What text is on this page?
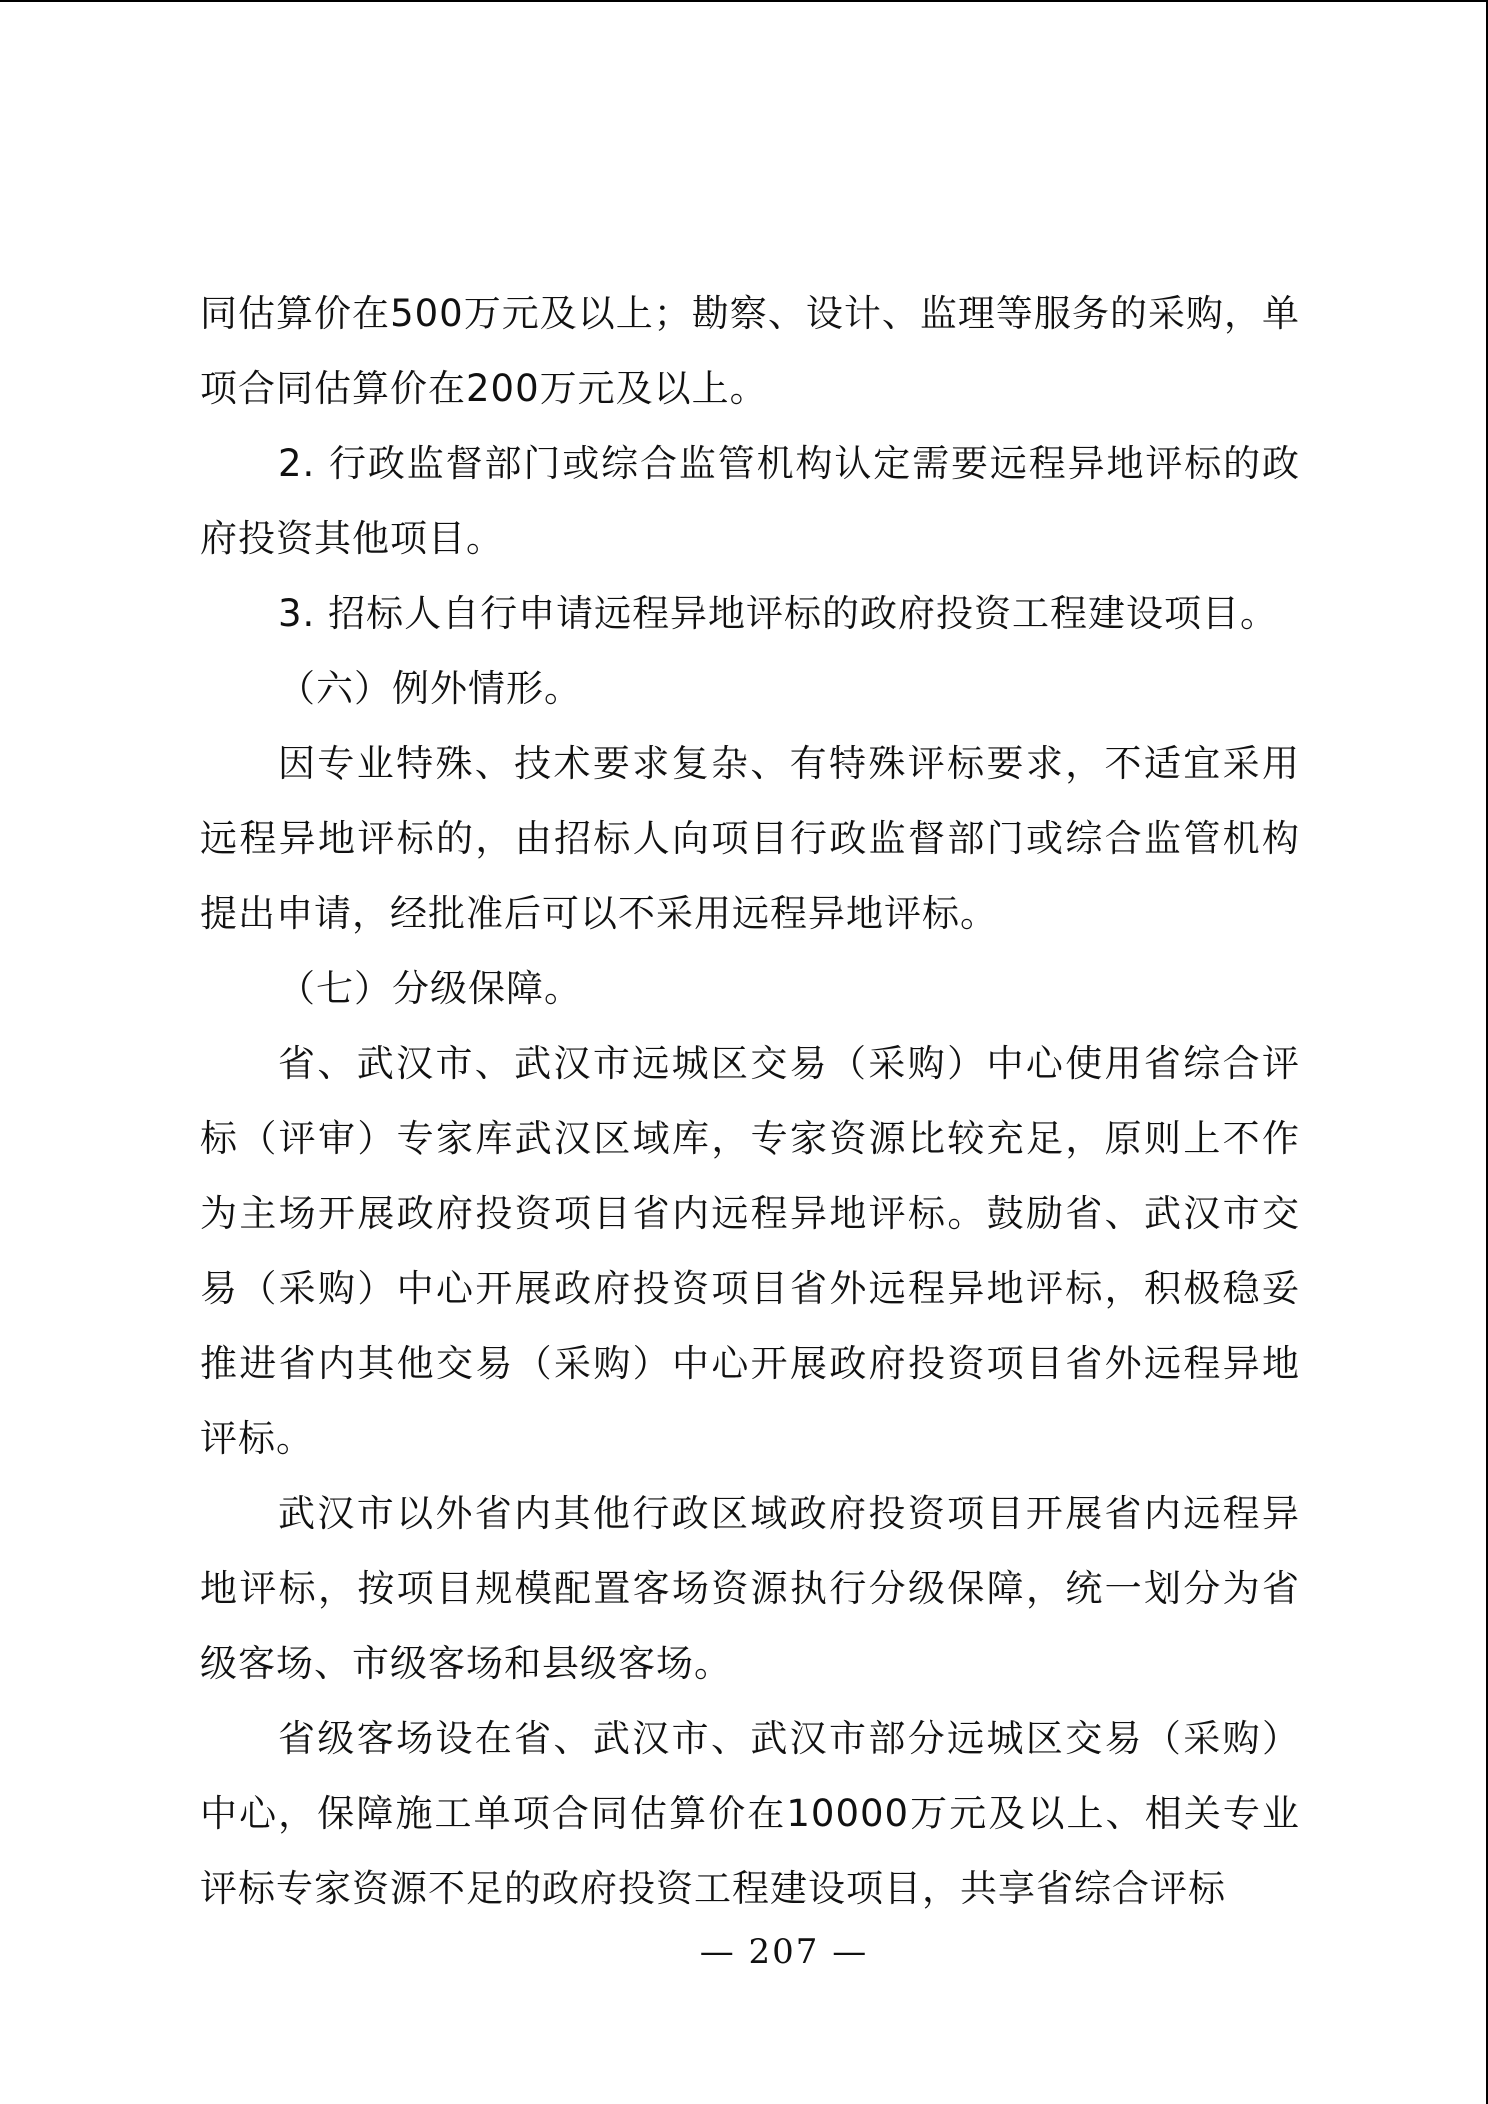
同估算价在500万元及以上；勘察、设计、监理等服务的采购，单项合同估算价在200万元及以上。

2. 行政监督部门或综合监管机构认定需要远程异地评标的政府投资其他项目。

3. 招标人自行申请远程异地评标的政府投资工程建设项目。

（六）例外情形。

因专业特殊、技术要求复杂、有特殊评标要求，不适宜采用远程异地评标的，由招标人向项目行政监督部门或综合监管机构提出申请，经批准后可以不采用远程异地评标。

（七）分级保障。

省、武汉市、武汉市远城区交易（采购）中心使用省综合评标（评审）专家库武汉区域库，专家资源比较充足，原则上不作为主场开展政府投资项目省内远程异地评标。鼓励省、武汉市交易（采购）中心开展政府投资项目省外远程异地评标，积极稳妥推进省内其他交易（采购）中心开展政府投资项目省外远程异地评标。

武汉市以外省内其他行政区域政府投资项目开展省内远程异地评标，按项目规模配置客场资源执行分级保障，统一划分为省级客场、市级客场和县级客场。

省级客场设在省、武汉市、武汉市部分远城区交易（采购）中心，保障施工单项合同估算价在10000万元及以上、相关专业评标专家资源不足的政府投资工程建设项目，共享省综合评标

— 207 —
